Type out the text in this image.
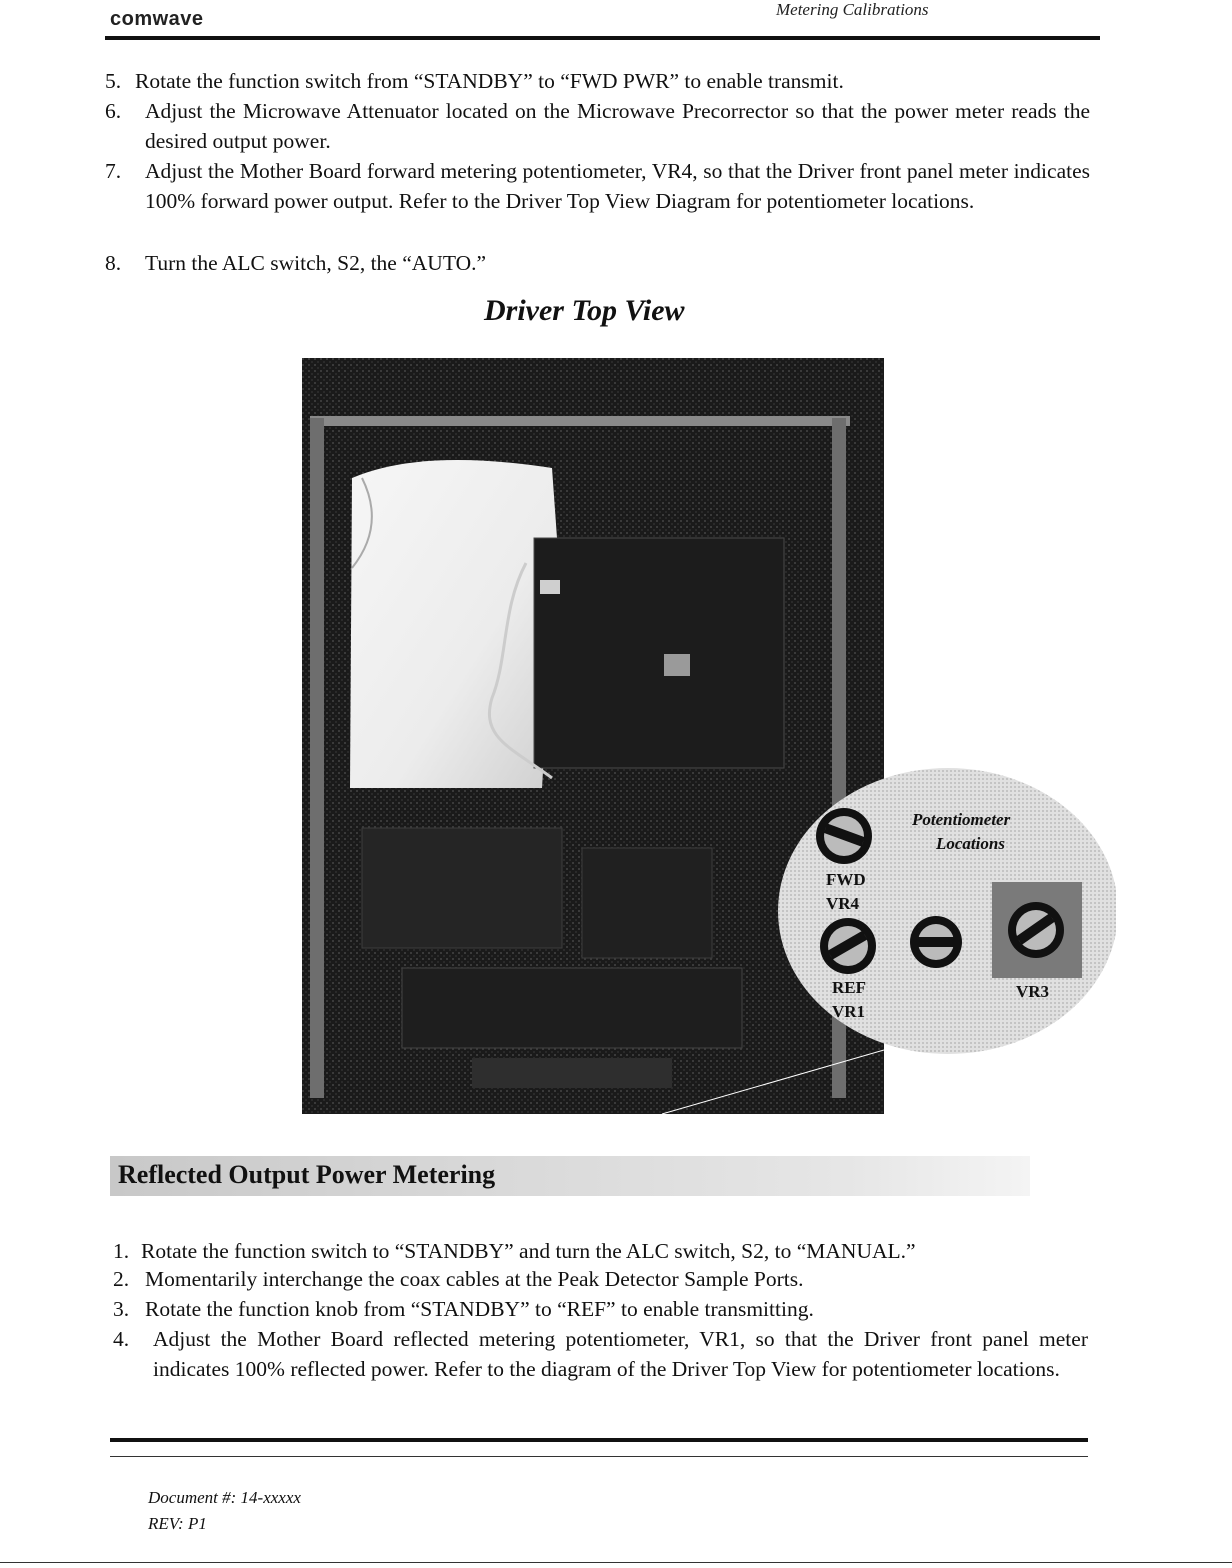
comwave	Metering Calibrations
5. Rotate the function switch from “STANDBY” to “FWD PWR” to enable transmit.
6. Adjust the Microwave Attenuator located on the Microwave Precorrector so that the power meter reads the desired output power.
7. Adjust the Mother Board forward metering potentiometer, VR4, so that the Driver front panel meter indicates 100% forward power output. Refer to the Driver Top View Diagram for potentiometer locations.
8. Turn the ALC switch, S2, the “AUTO.”
Driver Top View
Potentiometer
Locations
FWD
VR4
REF
VR1
VR3
Reflected Output Power Metering
1. Rotate the function switch to “STANDBY” and turn the ALC switch, S2, to “MANUAL.”
2. Momentarily interchange the coax cables at the Peak Detector Sample Ports.
3. Rotate the function knob from “STANDBY” to “REF” to enable transmitting.
4. Adjust the Mother Board reflected metering potentiometer, VR1, so that the Driver front panel meter indicates 100% reflected power. Refer to the diagram of the Driver Top View for potentiometer locations.
Document #: 14-xxxxx
REV: P1
